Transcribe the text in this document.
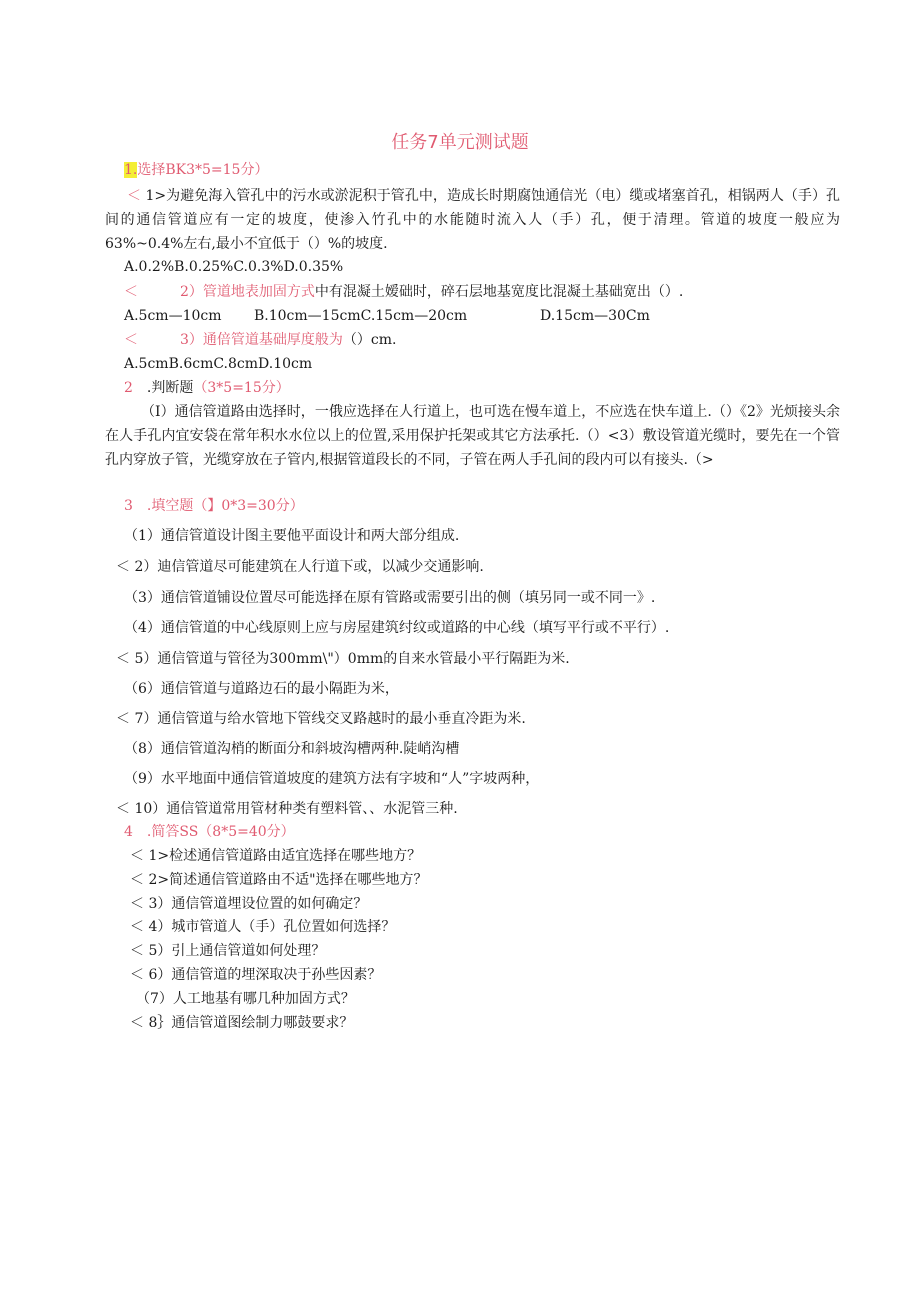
任务7单元测试题
1.选择BK3*5=15分）
＜ 1>为避免海入管孔中的污水或淤泥积于管孔中，造成长时期腐蚀通信光（电）缆或堵塞首孔，相锅两人（手）孔间的通信管道应有一定的坡度，使渗入竹孔中的水能随时流入人（手）孔，便于清理。管道的坡度一般应为63%~0.4%左右,最小不宜低于（）%的坡度.
A.0.2%B.0.25%C.0.3%D.0.35%
＜　　　2）管道地表加固方式中有混凝土嫒础时，碎石层地基宽度比混凝土基础宽出（）.
A.5cm—10cm B.10cm—15cmC.15cm—20cm	D.15cm—30Cm
＜　　　3）通倍管道基础厚度般为（）cm.
A.5cmB.6cmC.8cmD.10cm
2　 .判断题（3*5=15分）
（I）通信管道路由选择时，一俄应选择在人行道上，也可选在慢车道上，不应选在快车道上.（）《2》光烦接头余在人手孔内宜安袋在常年积水水位以上的位置,采用保护托架或其它方法承托.（）<3）敷设管道光缆时，要先在一个管孔内穿放子管，光缆穿放在子管内,根据管道段长的不同，子管在两人手孔间的段内可以有接头.（>
3　.填空题（】0*3=30分）
（1）通信管道设计图主要他平面设计和两大部分组成.
＜ 2）迪信管道尽可能建筑在人行道下或，以减少交通影响.
（3）通信管道铺设位置尽可能选择在原有管路或需要引出的侧（填另同一或不同一》.
（4）通信管道的中心线原则上应与房屋建筑纣纹或道路的中心线（填写平行或不平行）.
＜ 5）通信管道与管径为300mm\"）0mm的自来水管最小平行隔距为米.
（6）通信管道与道路边石的最小隔距为米，
＜ 7）通信管道与给水管地下管线交叉路越时的最小垂直冷距为米.
（8）通信管道沟梢的断面分和斜坡沟槽两种.陡峭沟槽
（9）水平地面中通信管道坡度的建筑方法有字坡和“人”字坡两种，
＜ 10）通信管道常用管材种类有塑料管、、水泥管三种.
4　.简答SS（8*5=40分）
＜ 1>检述通信管道路由适宜选择在哪些地方？
＜ 2>简述通信管道路由不适"选择在哪些地方？
＜ 3）通信管道埋设位置的如何确定？
＜ 4）城市管道人（手）孔位置如何选择？
＜ 5）引上通信管道如何处理？
＜ 6）通信管道的埋深取决于孙些因素？
（7）人工地基有哪几种加固方式？
＜ 8｝通信管道图绘制力哪鼓要求？
